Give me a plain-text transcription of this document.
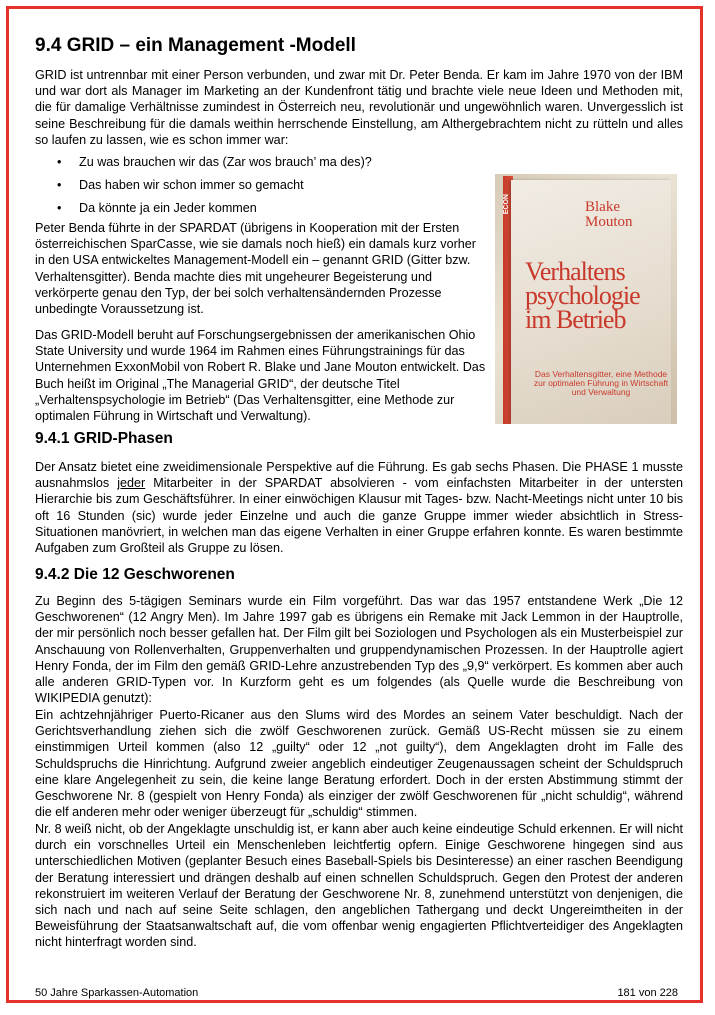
9.4 GRID – ein Management -Modell

GRID ist untrennbar mit einer Person verbunden, und zwar mit Dr. Peter Benda. Er kam im Jahre 1970 von der IBM und war dort als Manager im Marketing an der Kundenfront tätig und brachte viele neue Ideen und Methoden mit, die für damalige Verhältnisse zumindest in Österreich neu, revolutionär und ungewöhnlich waren. Unvergesslich ist seine Beschreibung für die damals weithin herrschende Einstellung, am Althergebrachtem nicht zu rütteln und alles so laufen zu lassen, wie es schon immer war:

• Zu was brauchen wir das (Zar wos brauch’ ma des)?
• Das haben wir schon immer so gemacht
• Da könnte ja ein Jeder kommen

Peter Benda führte in der SPARDAT (übrigens in Kooperation mit der Ersten österreichischen SparCasse, wie sie damals noch hieß) ein damals kurz vorher in den USA entwickeltes Management-Modell ein – genannt GRID (Gitter bzw. Verhaltensgitter). Benda machte dies mit ungeheurer Begeisterung und verkörperte genau den Typ, der bei solch verhaltensändernden Prozesse unbedingte Voraussetzung ist.

Das GRID-Modell beruht auf Forschungsergebnissen der amerikanischen Ohio State University und wurde 1964 im Rahmen eines Führungstrainings für das Unternehmen ExxonMobil von Robert R. Blake und Jane Mouton entwickelt. Das Buch heißt im Original „The Managerial GRID“, der deutsche Titel „Verhaltenspsychologie im Betrieb“ (Das Verhaltensgitter, eine Methode zur optimalen Führung in Wirtschaft und Verwaltung).

ECON	Blake Mouton
Verhaltens psychologie im Betrieb
Das Verhaltensgitter, eine Methode zur optimalen Führung in Wirtschaft und Verwaltung
9.4.1 GRID-Phasen

Der Ansatz bietet eine zweidimensionale Perspektive auf die Führung. Es gab sechs Phasen. Die PHASE 1 musste ausnahmslos jeder Mitarbeiter in der SPARDAT absolvieren - vom einfachsten Mitarbeiter in der untersten Hierarchie bis zum Geschäftsführer. In einer einwöchigen Klausur mit Tages- bzw. Nacht-Meetings nicht unter 10 bis oft 16 Stunden (sic) wurde jeder Einzelne und auch die ganze Gruppe immer wieder absichtlich in Stress-Situationen manövriert, in welchen man das eigene Verhalten in einer Gruppe erfahren konnte. Es waren bestimmte Aufgaben zum Großteil als Gruppe zu lösen.

9.4.2 Die 12 Geschworenen

Zu Beginn des 5-tägigen Seminars wurde ein Film vorgeführt. Das war das 1957 entstandene Werk „Die 12 Geschworenen“ (12 Angry Men). Im Jahre 1997 gab es übrigens ein Remake mit Jack Lemmon in der Hauptrolle, der mir persönlich noch besser gefallen hat. Der Film gilt bei Soziologen und Psychologen als ein Musterbeispiel zur Anschauung von Rollenverhalten, Gruppenverhalten und gruppendynamischen Prozessen. In der Hauptrolle agiert Henry Fonda, der im Film den gemäß GRID-Lehre anzustrebenden Typ des „9,9“ verkörpert. Es kommen aber auch alle anderen GRID-Typen vor. In Kurzform geht es um folgendes (als Quelle wurde die Beschreibung von WIKIPEDIA genutzt):

Ein achtzehnjähriger Puerto-Ricaner aus den Slums wird des Mordes an seinem Vater beschuldigt. Nach der Gerichtsverhandlung ziehen sich die zwölf Geschworenen zurück. Gemäß US-Recht müssen sie zu einem einstimmigen Urteil kommen (also 12 „guilty“ oder 12 „not guilty“), dem Angeklagten droht im Falle des Schuldspruchs die Hinrichtung. Aufgrund zweier angeblich eindeutiger Zeugenaussagen scheint der Schuldspruch eine klare Angelegenheit zu sein, die keine lange Beratung erfordert. Doch in der ersten Abstimmung stimmt der Geschworene Nr. 8 (gespielt von Henry Fonda) als einziger der zwölf Geschworenen für „nicht schuldig“, während die elf anderen mehr oder weniger überzeugt für „schuldig“ stimmen.

Nr. 8 weiß nicht, ob der Angeklagte unschuldig ist, er kann aber auch keine eindeutige Schuld erkennen. Er will nicht durch ein vorschnelles Urteil ein Menschenleben leichtfertig opfern. Einige Geschworene hingegen sind aus unterschiedlichen Motiven (geplanter Besuch eines Baseball-Spiels bis Desinteresse) an einer raschen Beendigung der Beratung interessiert und drängen deshalb auf einen schnellen Schuldspruch. Gegen den Protest der anderen rekonstruiert im weiteren Verlauf der Beratung der Geschworene Nr. 8, zunehmend unterstützt von denjenigen, die sich nach und nach auf seine Seite schlagen, den angeblichen Tathergang und deckt Ungereimtheiten in der Beweisführung der Staatsanwaltschaft auf, die vom offenbar wenig engagierten Pflichtverteidiger des Angeklagten nicht hinterfragt worden sind.

50 Jahre Sparkassen-Automation	181 von 228
